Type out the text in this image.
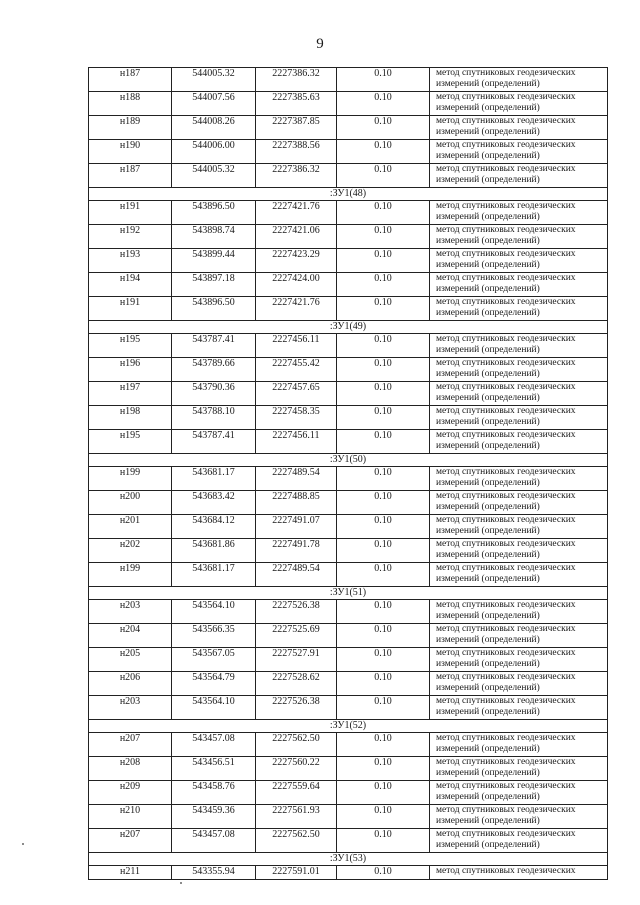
9
н187	544005.32	2227386.32	0.10	метод спутниковых геодезических измерений (определений)
н188	544007.56	2227385.63	0.10	метод спутниковых геодезических измерений (определений)
н189	544008.26	2227387.85	0.10	метод спутниковых геодезических измерений (определений)
н190	544006.00	2227388.56	0.10	метод спутниковых геодезических измерений (определений)
н187	544005.32	2227386.32	0.10	метод спутниковых геодезических измерений (определений)
:ЗУ1(48)				
н191	543896.50	2227421.76	0.10	метод спутниковых геодезических измерений (определений)
н192	543898.74	2227421.06	0.10	метод спутниковых геодезических измерений (определений)
н193	543899.44	2227423.29	0.10	метод спутниковых геодезических измерений (определений)
н194	543897.18	2227424.00	0.10	метод спутниковых геодезических измерений (определений)
н191	543896.50	2227421.76	0.10	метод спутниковых геодезических измерений (определений)
:ЗУ1(49)				
н195	543787.41	2227456.11	0.10	метод спутниковых геодезических измерений (определений)
н196	543789.66	2227455.42	0.10	метод спутниковых геодезических измерений (определений)
н197	543790.36	2227457.65	0.10	метод спутниковых геодезических измерений (определений)
н198	543788.10	2227458.35	0.10	метод спутниковых геодезических измерений (определений)
н195	543787.41	2227456.11	0.10	метод спутниковых геодезических измерений (определений)
:ЗУ1(50)				
н199	543681.17	2227489.54	0.10	метод спутниковых геодезических измерений (определений)
н200	543683.42	2227488.85	0.10	метод спутниковых геодезических измерений (определений)
н201	543684.12	2227491.07	0.10	метод спутниковых геодезических измерений (определений)
н202	543681.86	2227491.78	0.10	метод спутниковых геодезических измерений (определений)
н199	543681.17	2227489.54	0.10	метод спутниковых геодезических измерений (определений)
:ЗУ1(51)				
н203	543564.10	2227526.38	0.10	метод спутниковых геодезических измерений (определений)
н204	543566.35	2227525.69	0.10	метод спутниковых геодезических измерений (определений)
н205	543567.05	2227527.91	0.10	метод спутниковых геодезических измерений (определений)
н206	543564.79	2227528.62	0.10	метод спутниковых геодезических измерений (определений)
н203	543564.10	2227526.38	0.10	метод спутниковых геодезических измерений (определений)
:ЗУ1(52)				
н207	543457.08	2227562.50	0.10	метод спутниковых геодезических измерений (определений)
н208	543456.51	2227560.22	0.10	метод спутниковых геодезических измерений (определений)
н209	543458.76	2227559.64	0.10	метод спутниковых геодезических измерений (определений)
н210	543459.36	2227561.93	0.10	метод спутниковых геодезических измерений (определений)
н207	543457.08	2227562.50	0.10	метод спутниковых геодезических измерений (определений)
:ЗУ1(53)				
н211	543355.94	2227591.01	0.10	метод спутниковых геодезических
